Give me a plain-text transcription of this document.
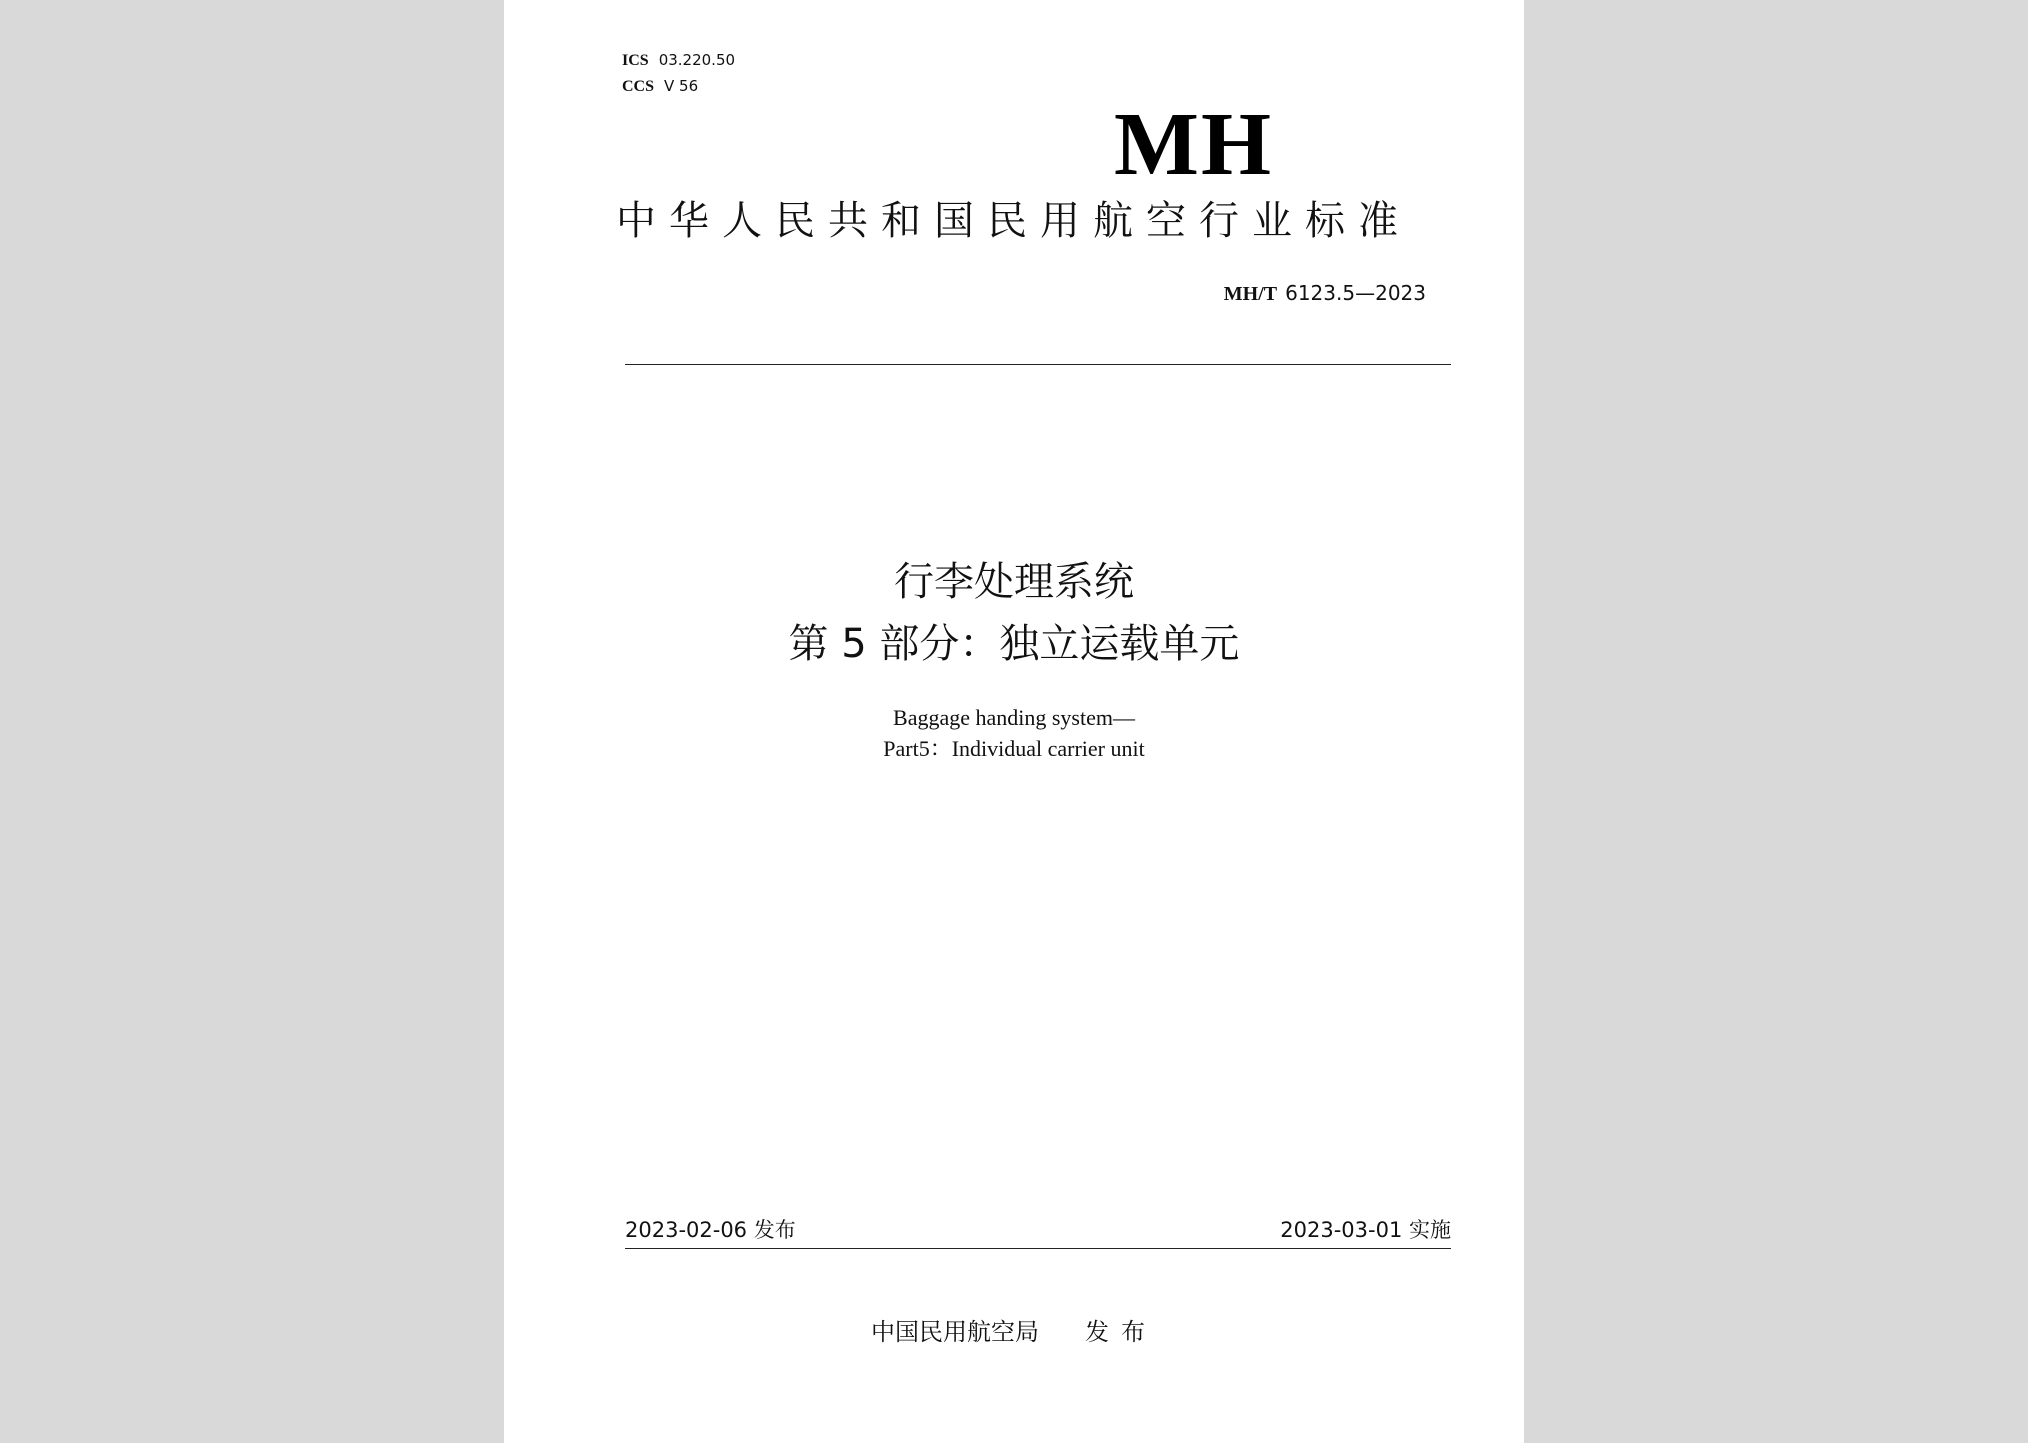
ICS 03.220.50
CCS V 56
MH
中华人民共和国民用航空行业标准
MH/T 6123.5—2023
行李处理系统
第 5 部分：独立运载单元
Baggage handing system—
Part5：Individual carrier unit
2023-02-06 发布	2023-03-01 实施
中国民用航空局 发布
